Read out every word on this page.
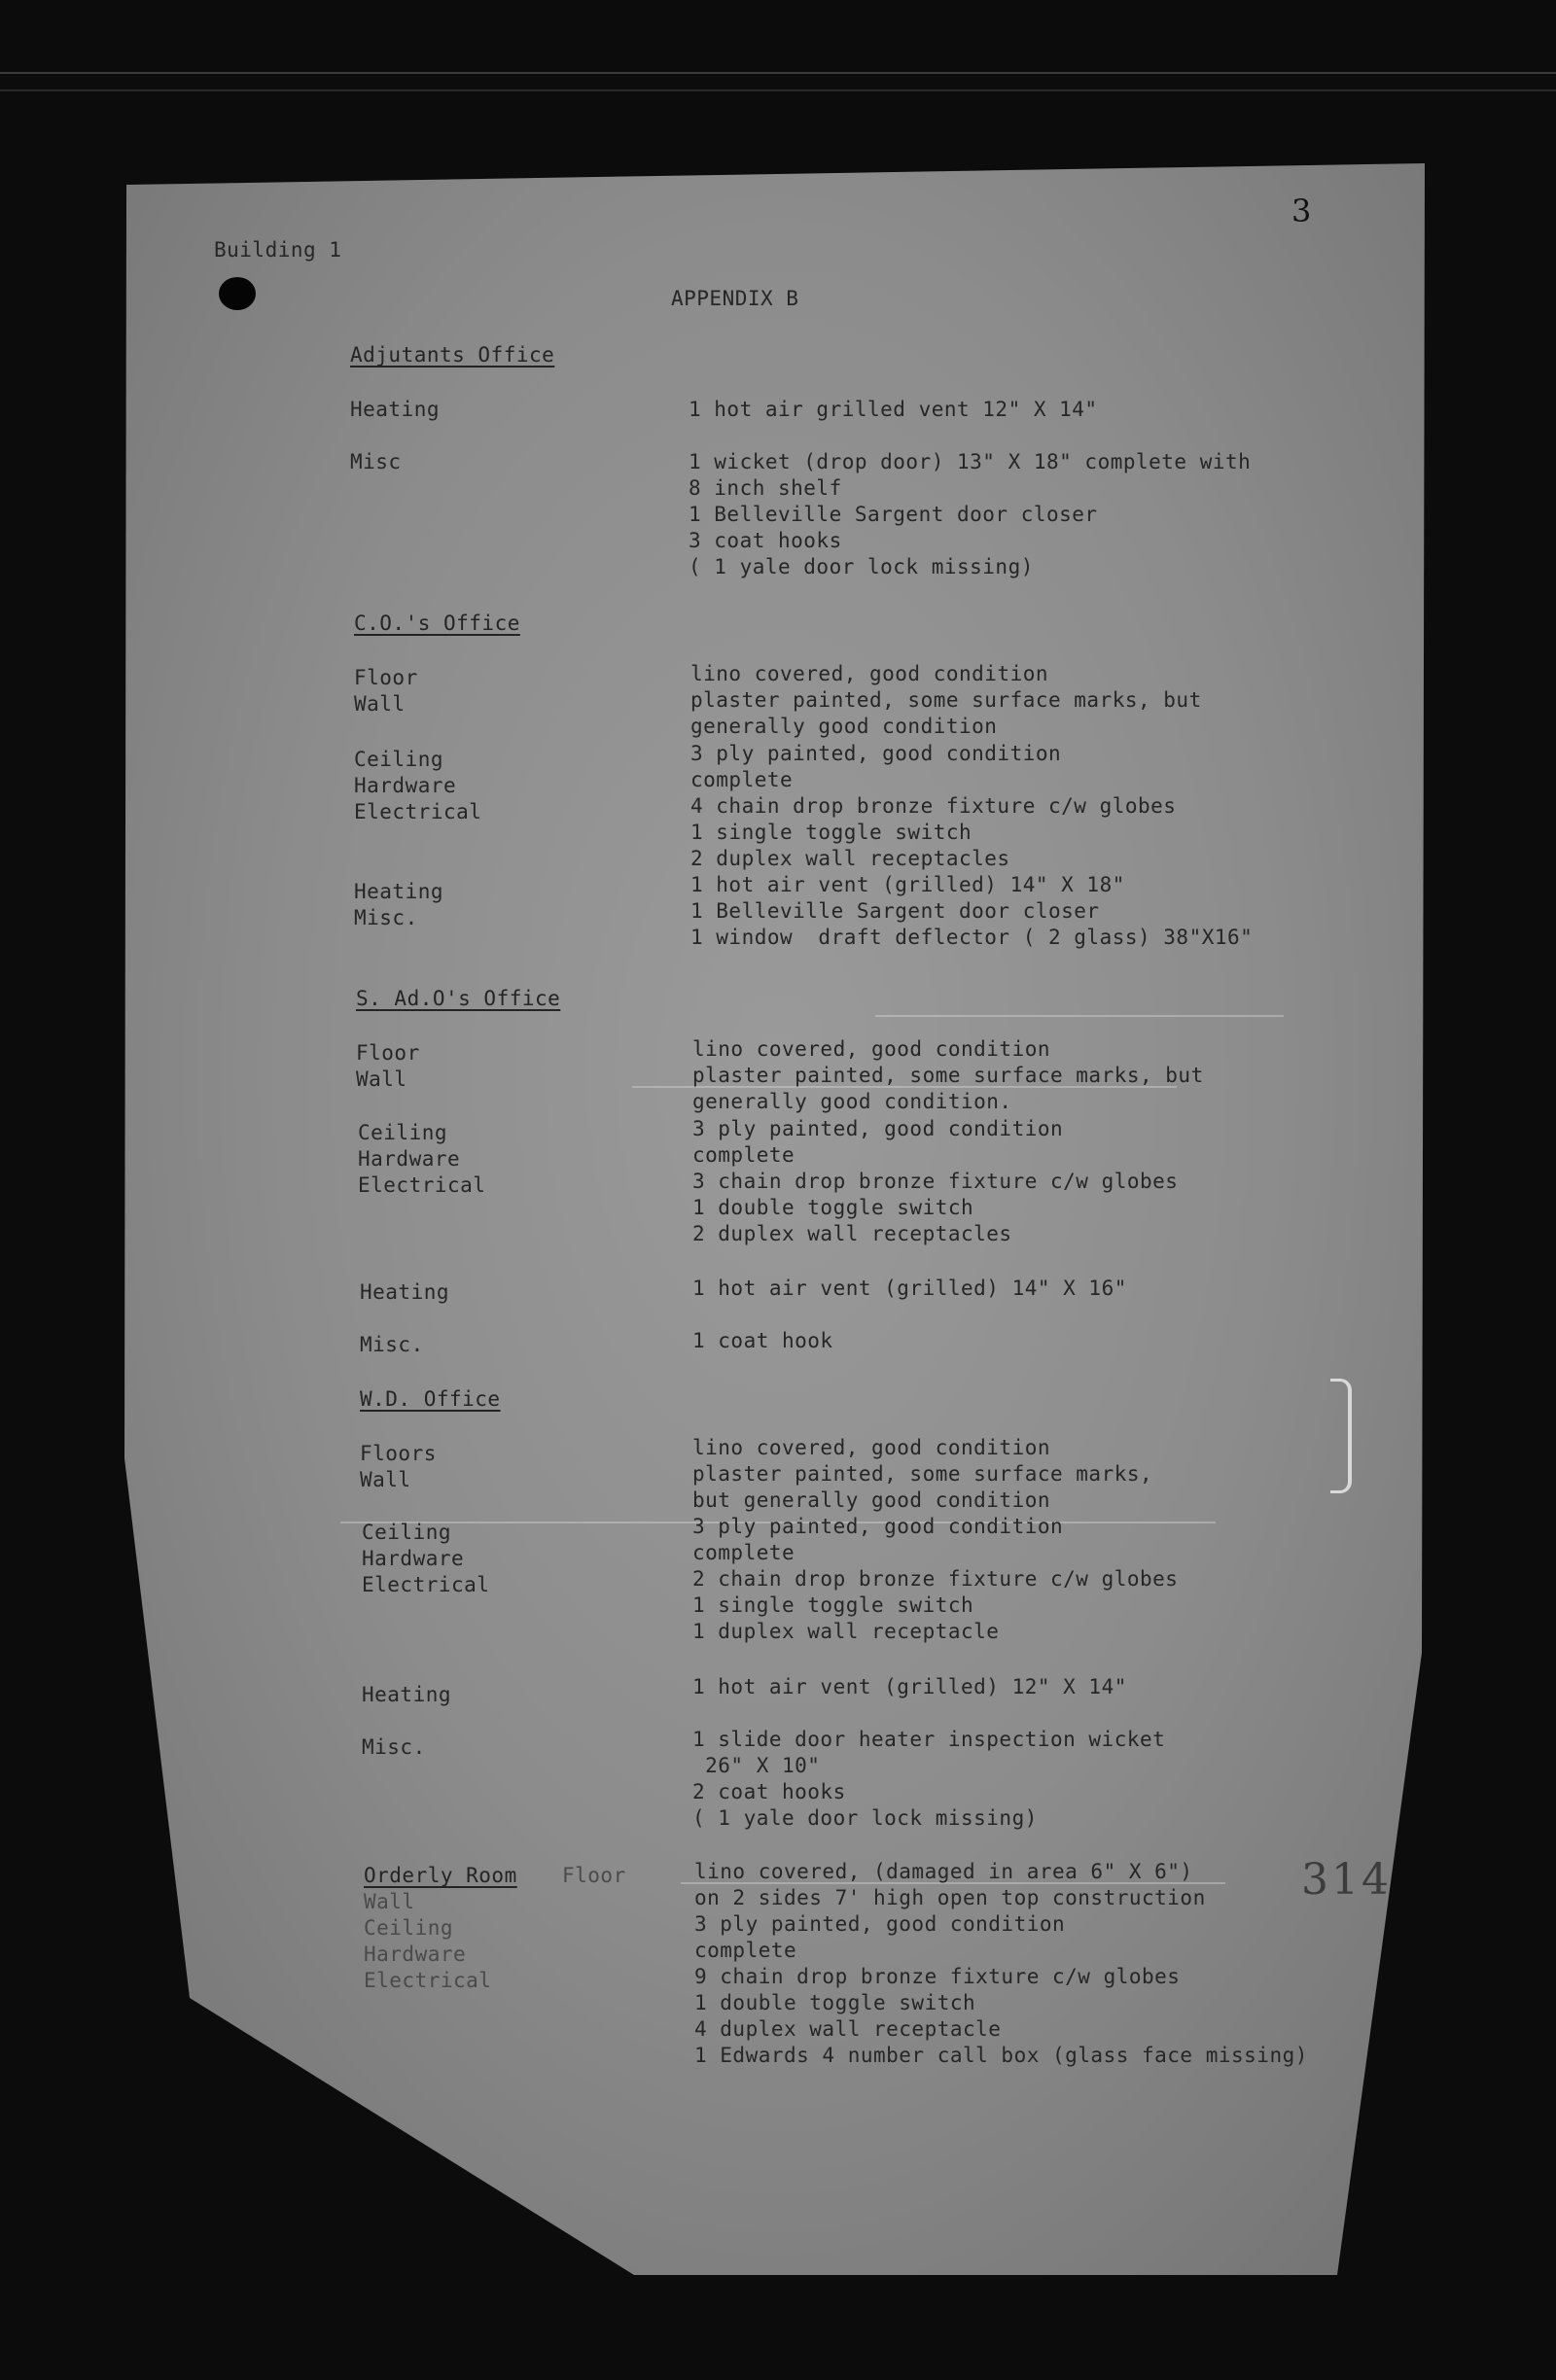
3
Building 1
APPENDIX B
Adjutants Office
Heating	1 hot air grilled vent 12" X 14"
Misc	1 wicket (drop door) 13" X 18" complete with
8 inch shelf
1 Belleville Sargent door closer
3 coat hooks
( 1 yale door lock missing)
C.O.'s Office
Floor	lino covered, good condition
Wall	plaster painted, some surface marks, but
generally good condition
Ceiling	3 ply painted, good condition
Hardware	complete
Electrical	4 chain drop bronze fixture c/w globes
1 single toggle switch
2 duplex wall receptacles
Heating	1 hot air vent (grilled) 14" X 18"
Misc.	1 Belleville Sargent door closer
1 window  draft deflector ( 2 glass) 38"X16"
S. Ad.O's Office
Floor	lino covered, good condition
Wall	plaster painted, some surface marks, but
generally good condition.
Ceiling	3 ply painted, good condition
Hardware	complete
Electrical	3 chain drop bronze fixture c/w globes
1 double toggle switch
2 duplex wall receptacles
Heating	1 hot air vent (grilled) 14" X 16"
Misc.	1 coat hook
W.D. Office
Floors	lino covered, good condition
Wall	plaster painted, some surface marks,
but generally good condition
Ceiling	3 ply painted, good condition
Hardware	complete
Electrical	2 chain drop bronze fixture c/w globes
1 single toggle switch
1 duplex wall receptacle
Heating	1 hot air vent (grilled) 12" X 14"
Misc.	1 slide door heater inspection wicket
26" X 10"
2 coat hooks
( 1 yale door lock missing)
Orderly Room Floor	lino covered, (damaged in area 6" X 6")
Wall	on 2 sides 7' high open top construction
Ceiling	3 ply painted, good condition
Hardware	complete
Electrical	9 chain drop bronze fixture c/w globes
1 double toggle switch
4 duplex wall receptacle
1 Edwards 4 number call box (glass face missing)
314
